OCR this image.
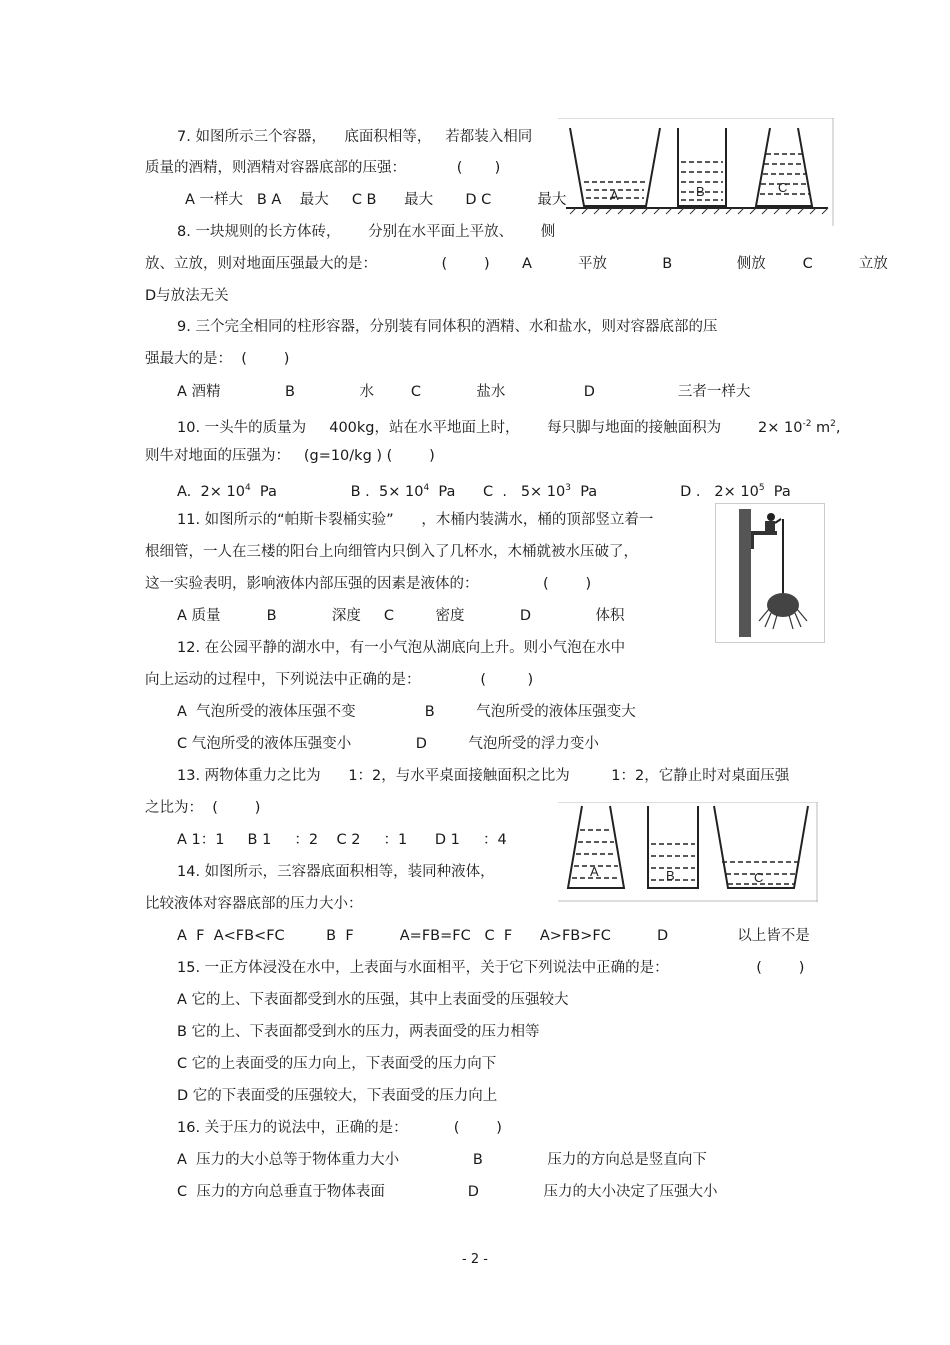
7. 如图所示三个容器，    底面积相等，   若都装入相同
质量的酒精，则酒精对容器底部的压强：           (       )
A 一样大   B A    最大     C B      最大       D C          最大	A	B	C
8. 一块规则的长方体砖，      分别在水平面上平放、      侧
放、立放，则对地面压强最大的是：              (        )       A          平放            B              侧放        C          立放
D与放法无关
9. 三个完全相同的柱形容器，分别装有同体积的酒精、水和盐水，则对容器底部的压
强最大的是：  (        )
A 酒精              B              水        C            盐水                 D                  三者一样大
10. 一头牛的质量为     400kg，站在水平地面上时，      每只脚与地面的接触面积为        $2\times 10^{-2}$ $m^2$,
则牛对地面的压强为：   (g=10/kg ) (        )
A.  $2\times 10^4$  Pa	B .  $5\times 10^4$  Pa      C  .   $5\times 10^3$  Pa                  D .   $2\times 10^5$  Pa
11. 如图所示的“帕斯卡裂桶实验”      ，木桶内装满水，桶的顶部竖立着一
根细管，一人在三楼的阳台上向细管内只倒入了几杯水，木桶就被水压破了，
这一实验表明，影响液体内部压强的因素是液体的：              (        )
A 质量          B            深度     C         密度            D              体积
12. 在公园平静的湖水中，有一小气泡从湖底向上升。则小气泡在水中
向上运动的过程中，下列说法中正确的是：             (         )
A  气泡所受的液体压强不变               B         气泡所受的液体压强变大
C 气泡所受的液体压强变小              D         气泡所受的浮力变小
13. 两物体重力之比为      1：2，与水平桌面接触面积之比为         1：2，它静止时对桌面压强
之比为：  (        )
A 1：1     B 1     ：2    C 2     ：1      D 1     ：4
A	B	C
14. 如图所示，三容器底面积相等，装同种液体，
比较液体对容器底部的压力大小：
A  F  A<FB<FC         B  F          A=FB=FC   C  F      A>FB>FC          D               以上皆不是
15. 一正方体浸没在水中，上表面与水面相平，关于它下列说法中正确的是：                   (        )
A 它的上、下表面都受到水的压强，其中上表面受的压强较大
B 它的上、下表面都受到水的压力，两表面受的压力相等
C 它的上表面受的压力向上，下表面受的压力向下
D 它的下表面受的压强较大，下表面受的压力向上
16. 关于压力的说法中，正确的是：          (        )
A  压力的大小总等于物体重力大小                B              压力的方向总是竖直向下
C  压力的方向总垂直于物体表面                  D              压力的大小决定了压强大小
- 2 -
